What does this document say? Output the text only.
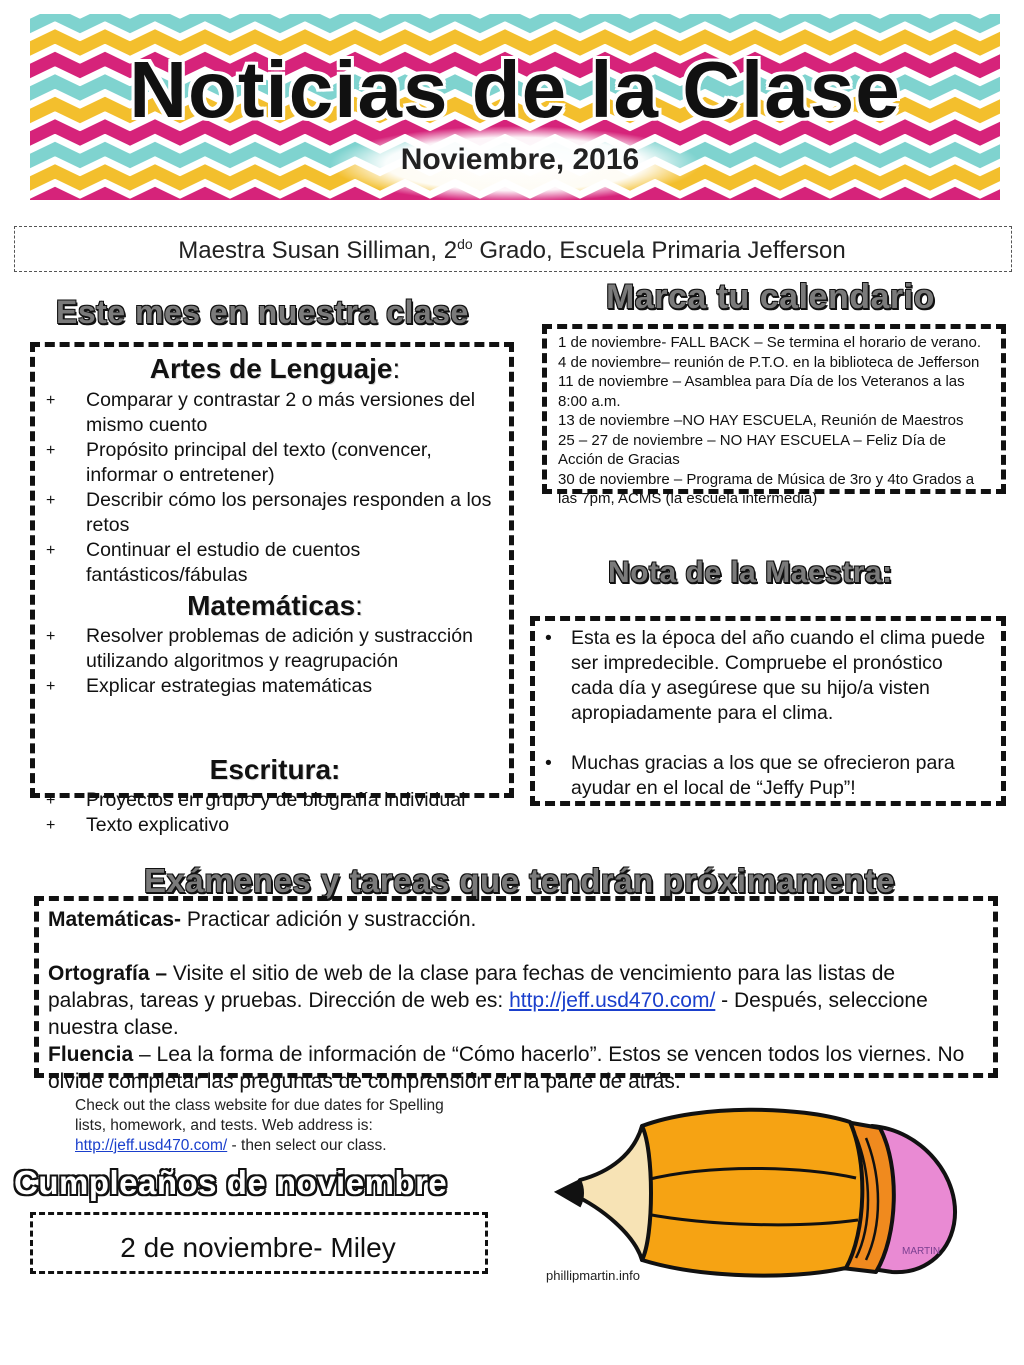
Noticias de la Clase
Noviembre, 2016
Maestra Susan Silliman, $2^{do}$ Grado, Escuela Primaria Jefferson
Este mes en nuestra clase
Artes de Lenguaje:
+ Comparar y contrastar 2 o más versiones del mismo cuento
+ Propósito principal del texto (convencer, informar o entretener)
+ Describir cómo los personajes responden a los retos
+ Continuar el estudio de cuentos fantásticos/fábulas
Matemáticas:
+ Resolver problemas de adición y sustracción utilizando algoritmos y reagrupación
+ Explicar estrategias matemáticas
Escritura:
+ Proyectos en grupo y de biografía individual
+ Texto explicativo
Marca tu calendario
1 de noviembre- FALL BACK – Se termina el horario de verano.
4 de noviembre– reunión de P.T.O. en la biblioteca de Jefferson
11 de noviembre – Asamblea para Día de los Veteranos a las 8:00 a.m.
13 de noviembre –NO HAY ESCUELA, Reunión de Maestros
25 – 27 de noviembre – NO HAY ESCUELA – Feliz Día de Acción de Gracias
30 de noviembre – Programa de Música de 3ro y 4to Grados a las 7pm, ACMS (la escuela intermedia)
Nota de la Maestra:
• Esta es la época del año cuando el clima puede ser impredecible. Compruebe el pronóstico cada día y asegúrese que su hijo/a visten apropiadamente para el clima.
• Muchas gracias a los que se ofrecieron para ayudar en el local de “Jeffy Pup”!
Exámenes y tareas que tendrán próximamente

Matemáticas- Practicar adición y sustracción.

Ortografía – Visite el sitio de web de la clase para fechas de vencimiento para las listas de palabras, tareas y pruebas. Dirección de web es: http://jeff.usd470.com/ - Después, seleccione nuestra clase.

Fluencia – Lea la forma de información de “Cómo hacerlo”. Estos se vencen todos los viernes. No olvide completar las preguntas de comprensión en la parte de atrás.

Check out the class website for due dates for Spelling lists, homework, and tests. Web address is: http://jeff.usd470.com/ - then select our class.
Cumpleaños de noviembre
2 de noviembre- Miley	MARTIN
phillipmartin.info
